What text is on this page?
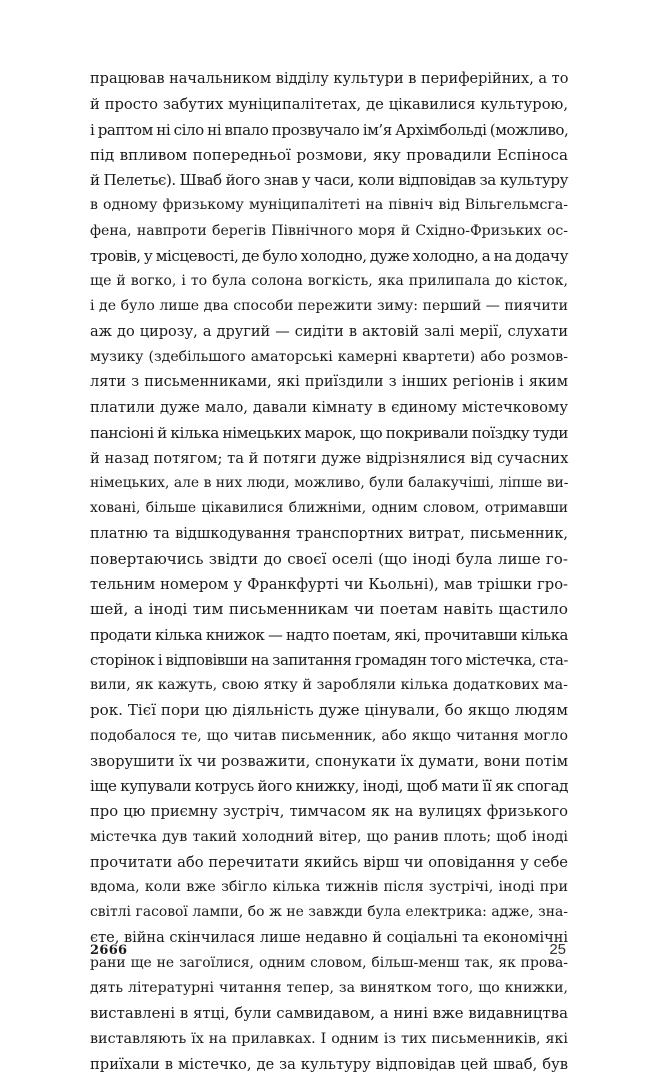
працював начальником відділу культури в периферійних, а то
й просто забутих муніципалітетах, де цікавилися культурою,
і раптом ні сіло ні впало прозвучало ім’я Архімбольді (можливо,
під впливом попередньої розмови, яку провадили Еспіноса
й Пелетьє). Шваб його знав у часи, коли відповідав за культуру
в одному фризькому муніципалітеті на північ від Вільгельмсга-
фена, навпроти берегів Північного моря й Східно-Фризьких ос-
тровів, у місцевості, де було холодно, дуже холодно, а на додачу
ще й вогко, і то була солона вогкість, яка прилипала до кісток,
і де було лише два способи пережити зиму: перший — пиячити
аж до цирозу, а другий — сидіти в актовій залі мерії, слухати
музику (здебільшого аматорські камерні квартети) або розмов-
ляти з письменниками, які приїздили з інших регіонів і яким
платили дуже мало, давали кімнату в єдиному містечковому
пансіоні й кілька німецьких марок, що покривали поїздку туди
й назад потягом; та й потяги дуже відрізнялися від сучасних
німецьких, але в них люди, можливо, були балакучіші, ліпше ви-
ховані, більше цікавилися ближніми, одним словом, отримавши
платню та відшкодування транспортних витрат, письменник,
повертаючись звідти до своєї оселі (що іноді була лише го-
тельним номером у Франкфурті чи Кьольні), мав трішки гро-
шей, а іноді тим письменникам чи поетам навіть щастило
продати кілька книжок — надто поетам, які, прочитавши кілька
сторінок і відповівши на запитання громадян того містечка, ста-
вили, як кажуть, свою ятку й заробляли кілька додаткових ма-
рок. Тієї пори цю діяльність дуже цінували, бо якщо людям
подобалося те, що читав письменник, або якщо читання могло
зворушити їх чи розважити, спонукати їх думати, вони потім
іще купували котрусь його книжку, іноді, щоб мати її як спогад
про цю приємну зустріч, тимчасом як на вулицях фризького
містечка дув такий холодний вітер, що ранив плоть; щоб іноді
прочитати або перечитати якийсь вірш чи оповідання у себе
вдома, коли вже збігло кілька тижнів після зустрічі, іноді при
світлі гасової лампи, бо ж не завжди була електрика: адже, зна-
єте, війна скінчилася лише недавно й соціальні та економічні
рани ще не загоїлися, одним словом, більш-менш так, як прова-
дять літературні читання тепер, за винятком того, що книжки,
виставлені в ятці, були самвидавом, а нині вже видавництва
виставляють їх на прилавках. І одним із тих письменників, які
приїхали в містечко, де за культуру відповідав цей шваб, був
2666	25
